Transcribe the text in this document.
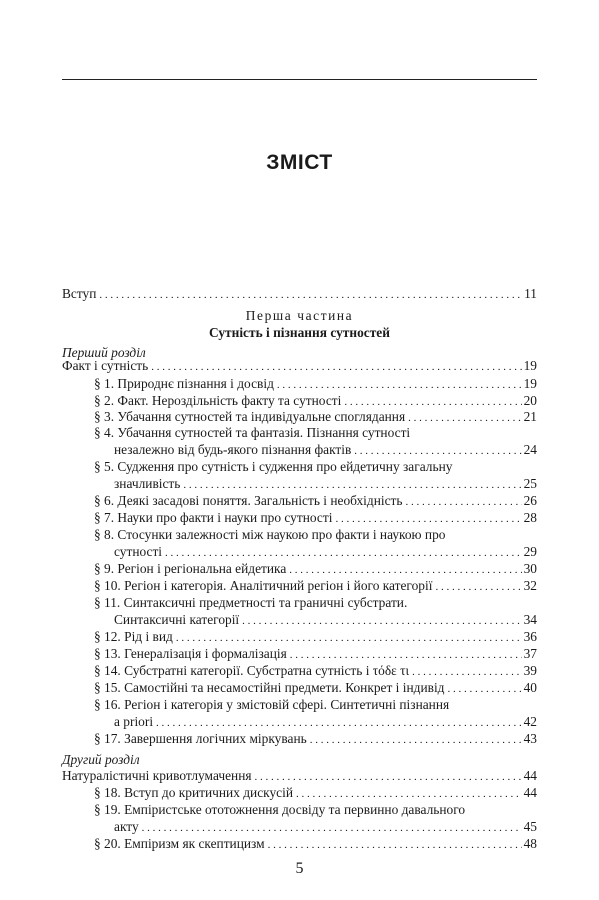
ЗМІСТ
Вступ . . .	11
Перша частина
Сутність і пізнання сутностей
Перший розділ
Факт і сутність . . .	19
§ 1. Природнє пізнання і досвід . . .	19
§ 2. Факт. Нероздільність факту та сутності . . .	20
§ 3. Убачання сутностей та індивідуальне споглядання . . .	21
§ 4. Убачання сутностей та фантазія. Пізнання сутності
незалежно від будь-якого пізнання фактів . . .	24
§ 5. Судження про сутність і судження про ейдетичну загальну
значливість . . .	25
§ 6. Деякі засадові поняття. Загальність і необхідність . . .	26
§ 7. Науки про факти і науки про сутності . . .	28
§ 8. Стосунки залежності між наукою про факти і наукою про
сутності . . .	29
§ 9. Регіон і регіональна ейдетика . . .	30
§ 10. Регіон і категорія. Аналітичний регіон і його категорії . . .	32
§ 11. Синтаксичні предметності та граничні субстрати.
Синтаксичні категорії . . .	34
§ 12. Рід і вид . . .	36
§ 13. Генералізація і формалізація . . .	37
§ 14. Субстратні категорії. Субстратна сутність і τόδε τι . . .	39
§ 15. Самостійні та несамостійні предмети. Конкрет і індивід . . .	40
§ 16. Регіон і категорія у змістовій сфері. Синтетичні пізнання
a priori . . .	42
§ 17. Завершення логічних міркувань . . .	43
Другий розділ
Натуралістичні кривотлумачення . . .	44
§ 18. Вступ до критичних дискусій . . .	44
§ 19. Емпіристське ототожнення досвіду та первинно давального
акту . . .	45
§ 20. Емпіризм як скептицизм . . .	48
5
